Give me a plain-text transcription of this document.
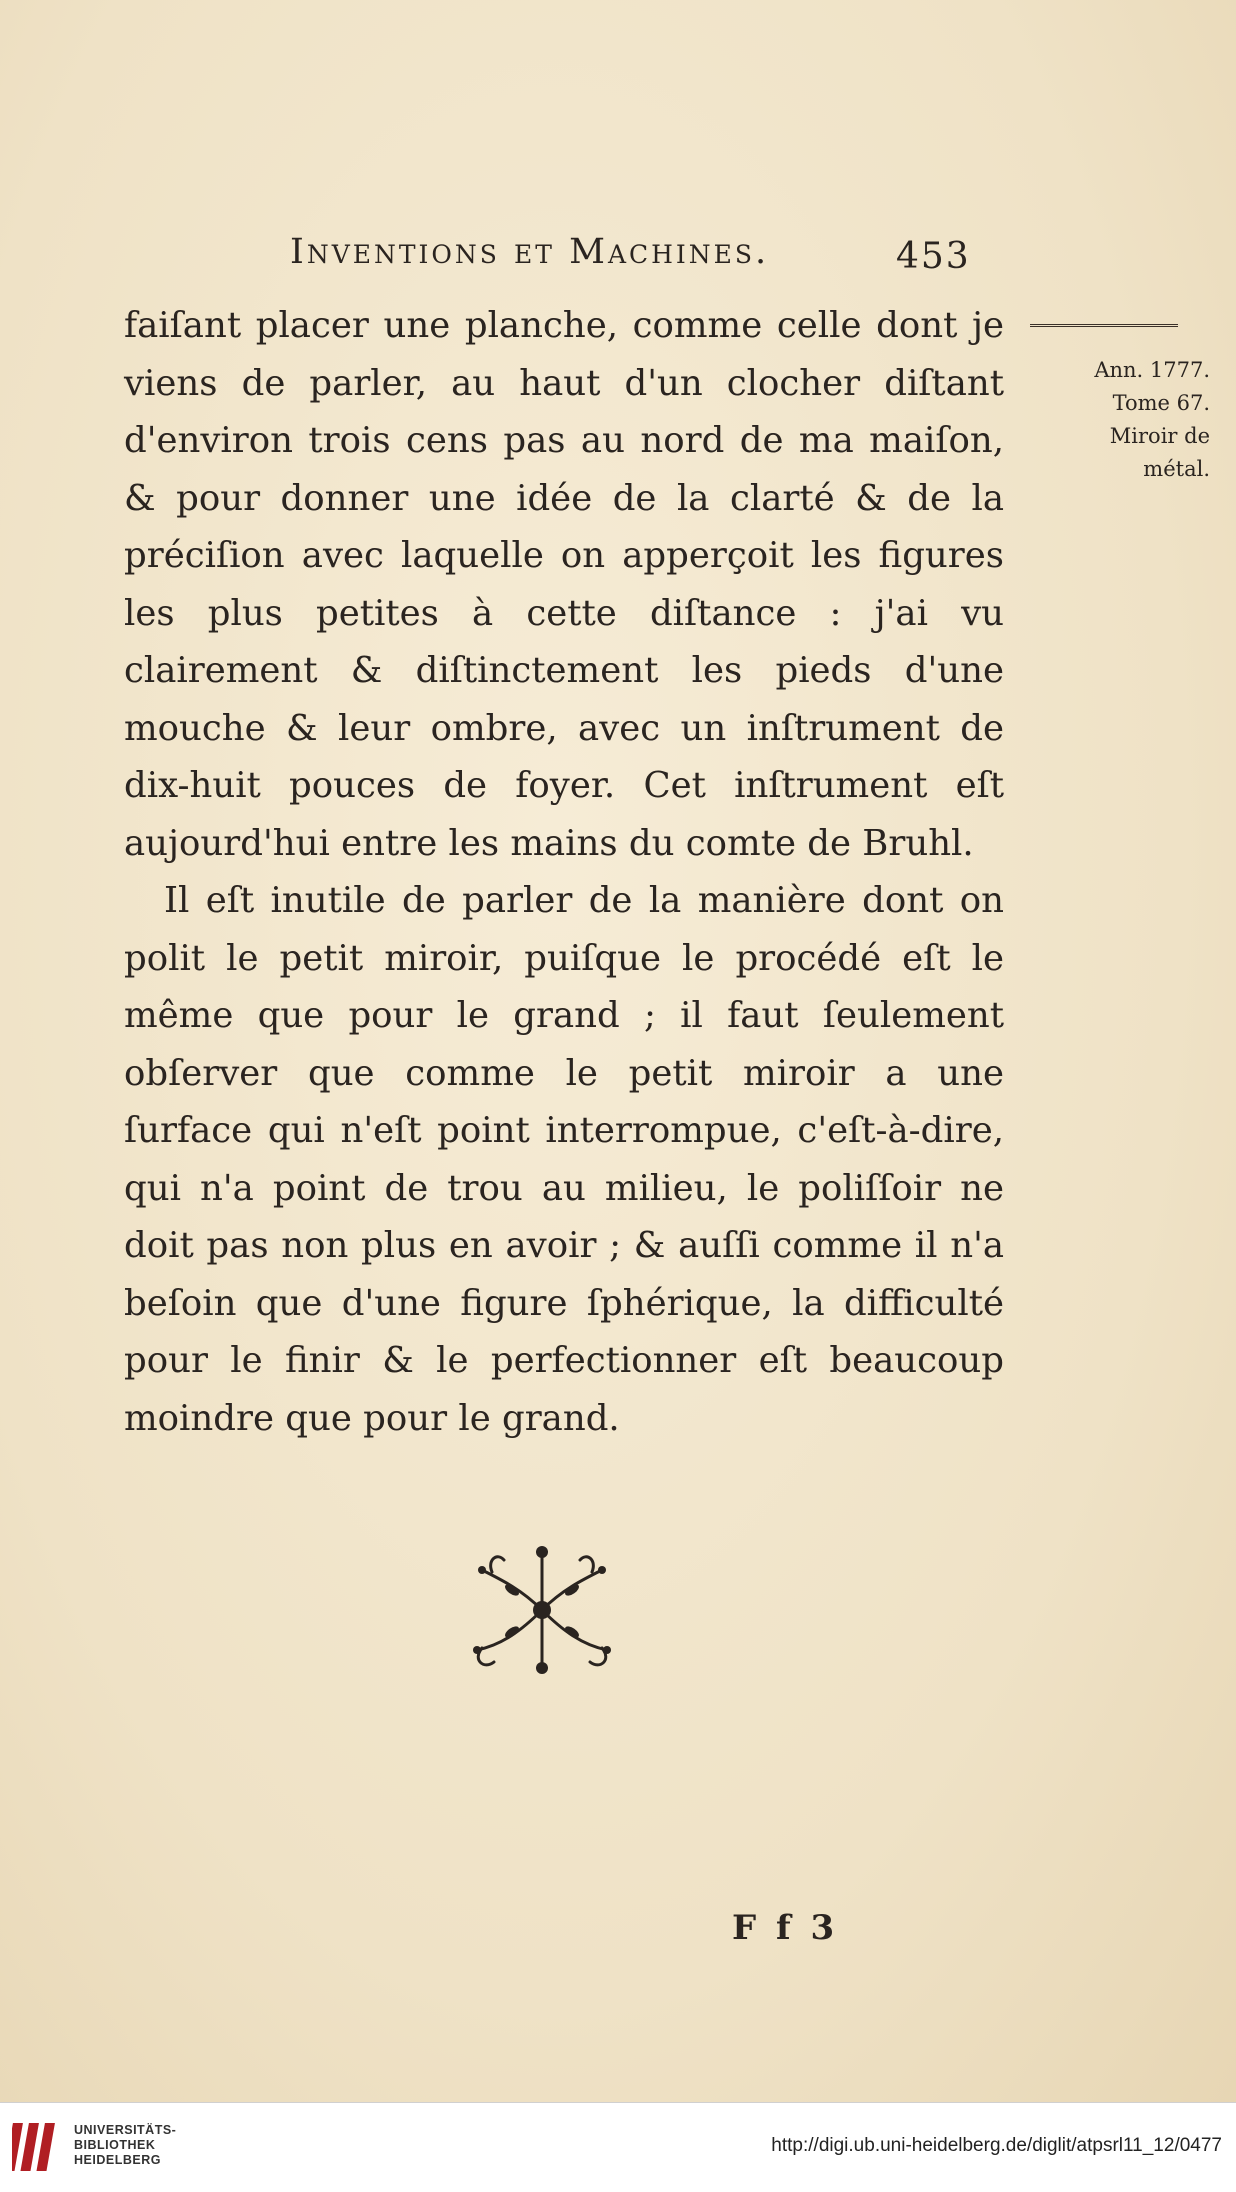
Inventions et Machines.	453
Ann. 1777.
Tome 67.
Miroir de
métal.

faiſant placer une planche, comme celle dont je viens de parler, au haut d'un clocher diſtant d'environ trois cens pas au nord de ma maiſon, & pour donner une idée de la clarté & de la préciſion avec laquelle on apperçoit les figures les plus petites à cette diſtance : j'ai vu clairement & diſtinctement les pieds d'une mouche & leur ombre, avec un inſtrument de dix-huit pouces de foyer. Cet inſtrument eſt aujourd'hui entre les mains du comte de Bruhl.

Il eſt inutile de parler de la manière dont on polit le petit miroir, puiſque le procédé eſt le même que pour le grand ; il faut ſeulement obſerver que comme le petit miroir a une ſurface qui n'eſt point interrompue, c'eſt-à-dire, qui n'a point de trou au milieu, le poliſſoir ne doit pas non plus en avoir ; & auſſi comme il n'a beſoin que d'une figure ſphérique, la difficulté pour le finir & le perfectionner eſt beaucoup moindre que pour le grand.

F f 3
UNIVERSITÄTS-
BIBLIOTHEK
HEIDELBERG
http://digi.ub.uni-heidelberg.de/diglit/atpsrl11_12/0477
